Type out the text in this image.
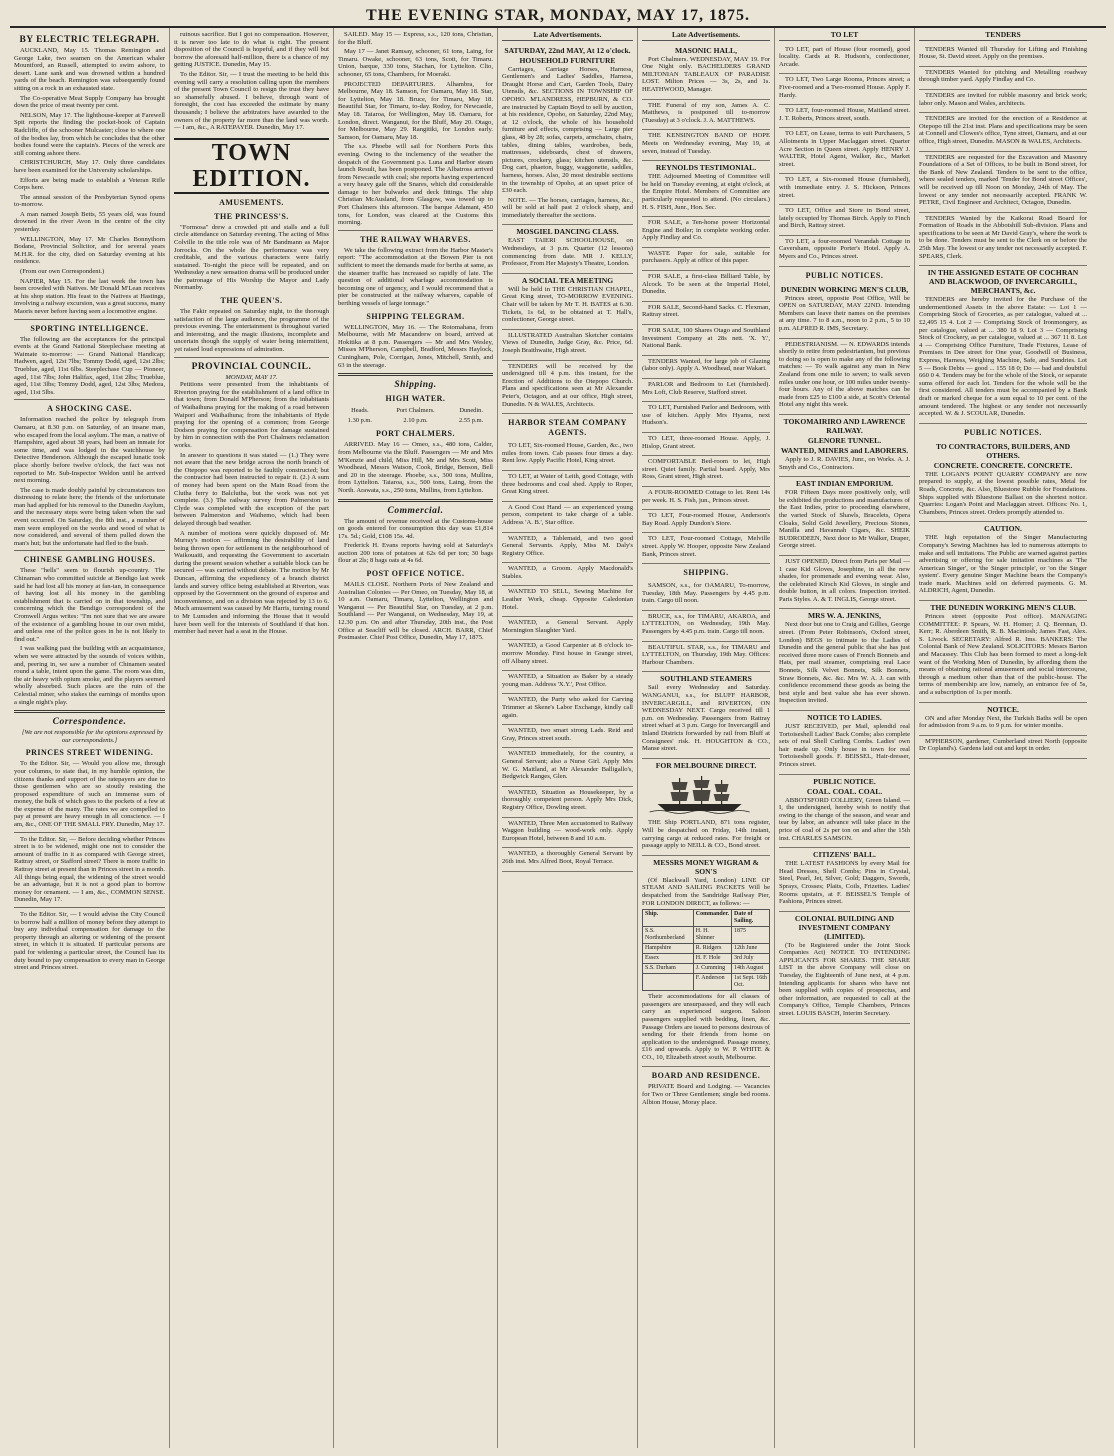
THE EVENING STAR, MONDAY, MAY 17, 1875.
BY ELECTRIC TELEGRAPH.

AUCKLAND, May 15. Thomas Remington and George Lake, two seamen on the American whaler Mountford, an Russell, attempted to swim ashore, to desert. Lane sank and was drowned within a hundred yards of the beach. Remington was subsequently found sitting on a rock in an exhausted state.

The Co-operative Meat Supply Company has brought down the price of meat twenty per cent.

NELSON, May 17. The lighthouse-keeper at Farewell Spit reports the finding the pocket-book of Captain Radcliffe, of the schooner Mulcaster; close to where one of the bodies lay, from which he concludes that the other bodies found were the captain's. Pieces of the wreck are still coming ashore there.

CHRISTCHURCH, May 17. Only three candidates have been examined for the University scholarships.

Efforts are being made to establish a Veteran Rifle Corps here.

The annual session of the Presbyterian Synod opens to-morrow.

A man named Joseph Betts, 55 years old, was found drowned in the river Avon in the centre of the city yesterday.

WELLINGTON, May 17. Mr Charles Bonnythorn Bodane, Provincial Solicitor, and for several years M.H.R. for the city, died on Saturday evening at his residence.

(From our own Correspondent.)

NAPIER, May 15. For the last week the town has been crowded with Natives. Mr Donald M'Lean receives at his shop station. His feast to the Natives at Hastings, involving a railway excursion, was a great success, many Maoris never before having seen a locomotive engine.

SPORTING INTELLIGENCE.

The following are the acceptances for the principal events at the Grand National Steeplechase meeting at Waimate to-morrow: — Grand National Handicap; Hadwen, aged, 12st 7lbs; Tommy Dodd, aged, 12st 2lbs; Trueblue, aged, 11st 6lbs. Steeplechase Cup — Pioneer, aged, 11st 7lbs; John Halifax, aged, 11st 2lbs; Trueblue, aged, 11st 3lbs; Tommy Dodd, aged, 12st 3lbs; Medora, aged, 11st 5lbs.

A SHOCKING CASE.

Information reached the police by telegraph from Oamaru, at 8.30 p.m. on Saturday, of an insane man, who escaped from the local asylum. The man, a native of Hampshire, aged about 38 years, had been an inmate for some time, and was lodged in the watchhouse by Detective Henderson. Although the escaped lunatic took place shortly before twelve o'clock, the fact was not reported to Mr. Sub-Inspector Weldon until he arrived next morning.

The case is made doubly painful by circumstances too distressing to relate here; the friends of the unfortunate man had applied for his removal to the Dunedin Asylum, and the necessary steps were being taken when the sad event occurred. On Saturday, the 8th inst., a number of men were employed on the works and wood of what is now considered, and several of them pulled down the man's hut; but the unfortunate had fled to the bush.

CHINESE GAMBLING HOUSES.

These "hells" seem to flourish up-country. The Chinaman who committed suicide at Bendigo last week said he had lost all his money at fan-tan, in consequence of having lost all his money in the gambling establishment that is carried on in that township, and concerning which the Bendigo correspondent of the Cromwell Argus writes: "I'm not sure that we are aware of the existence of a gambling house in our own midst, and unless one of the police goes in he is not likely to find out."

I was walking past the building with an acquaintance, when we were attracted by the sounds of voices within, and, peering in, we saw a number of Chinamen seated round a table, intent upon the game. The room was dim, the air heavy with opium smoke, and the players seemed wholly absorbed. Such places are the ruin of the Celestial miner, who stakes the earnings of months upon a single night's play.

Correspondence.

[We are not responsible for the opinions expressed by our correspondents.]

PRINCES STREET WIDENING.

To the Editor. Sir, — Would you allow me, through your columns, to state that, in my humble opinion, the citizens thanks and support of the ratepayers are due to those gentlemen who are so stoutly resisting the proposed expenditure of such an immense sum of money, the bulk of which goes to the pockets of a few at the expense of the many. The rates we are compelled to pay at present are heavy enough in all conscience. — I am, &c., ONE OF THE SMALL FRY. Dunedin, May 17.

To the Editor. Sir, — Before deciding whether Princes street is to be widened, might one not to consider the amount of traffic in it as compared with George street, Rattray street, or Stafford street? There is more traffic in Rattray street at present than in Princes street in a month. All things being equal, the widening of the street would be an advantage, but it is not a good plan to borrow money for ornament. — I am, &c., COMMON SENSE. Dunedin, May 17.

To the Editor. Sir, — I would advise the City Council to borrow half a million of money before they attempt to buy any individual compensation for damage to the property through an altering or widening of the present street, in which it is situated. If particular persons are paid for widening a particular street, the Council has its duty bound to pay compensation to every man in George street and Princes street.

ruinous sacrifice. But I got no compensation. However, it is never too late to do what is right. The present disposition of the Council is hopeful, and if they will but borrow the aforesaid half-million, there is a chance of my getting JUSTICE. Dunedin, May 15.

To the Editor. Sir, — I trust the meeting to be held this evening will carry a resolution calling upon the members of the present Town Council to resign the trust they have so shamefully abused. I believe, through want of foresight, the cost has exceeded the estimate by many thousands; I believe the arbitrators have awarded to the owners of the property far more than the land was worth. — I am, &c., A RATEPAYER. Dunedin, May 17.

TOWN EDITION.
AMUSEMENTS.
THE PRINCESS'S.

"Formosa" drew a crowded pit and stalls and a full circle attendance on Saturday evening. The acting of Miss Colville in the title role was of Mr Bandmann as Major Jorrocks. On the whole the performance was very creditable, and the various characters were fairly sustained. To-night the piece will be repeated, and on Wednesday a new sensation drama will be produced under the patronage of His Worship the Mayor and Lady Normanby.

THE QUEEN'S.

The Fakir repeated on Saturday night, to the thorough satisfaction of the large audience, the programme of the previous evening. The entertainment is throughout varied and interesting, and the magic illusions, incomplete and uncertain though the supply of water being intermittent, yet raised loud expressions of admiration.

PROVINCIAL COUNCIL.
MONDAY, MAY 17.

Petitions were presented from the inhabitants of Riverton praying for the establishment of a land office in that town; from Donald M'Pherson; from the inhabitants of Waihaihuna praying for the making of a road between Waipori and Waihaihuna; from the inhabitants of Hyde praying for the opening of a common; from George Dodson praying for compensation for damage sustained by him in connection with the Port Chalmers reclamation works.

In answer to questions it was stated — (1.) They were not aware that the new bridge across the north branch of the Otepopo was reported to be faultily constructed; but the contractor had been instructed to repair it. (2.) A sum of money had been spent on the Main Road from the Clutha ferry to Balclutha, but the work was not yet complete. (3.) The railway survey from Palmerston to Clyde was completed with the exception of the part between Palmerston and Waihemo, which had been delayed through bad weather.

A number of motions were quickly disposed of. Mr Murray's motion — affirming the desirability of land being thrown open for settlement in the neighbourhood of Waikouaiti, and requesting the Government to ascertain during the present session whether a suitable block can be secured — was carried without debate. The motion by Mr Duncan, affirming the expediency of a branch district lands and survey office being established at Riverton, was opposed by the Government on the ground of expense and inconvenience, and on a division was rejected by 13 to 6. Much amusement was caused by Mr Harris, turning round to Mr Lumsden and informing the House that it would have been well for the interests of Southland if that hon. member had never had a seat in the House.

SAILED. May 15 — Express, s.s., 120 tons, Christian, for the Bluff.

May 17 — Janet Ramsay, schooner, 61 tons, Laing, for Timaru. Owake, schooner, 63 tons, Scott, for Timaru. Union, barque, 330 tons, Stachan, for Lyttelton. Clio, schooner, 65 tons, Chambers, for Moeraki.

PROJECTED DEPARTURES. Alhambra, for Melbourne, May 18. Samson, for Oamaru, May 18. Star, for Lyttelton, May 18. Bruce, for Timaru, May 18. Beautiful Star, for Timaru, to-day. Rodoy, for Newcastle, May 18. Taiaroa, for Wellington, May 18. Oamaru, for London, direct. Wanganui, for the Bluff, May 20. Otago, for Melbourne, May 29. Rangitiki, for London early. Samson, for Oamaru, May 18.

The s.s. Phoebe will sail for Northern Ports this evening. Owing to the inclemency of the weather the despatch of the Government p.s. Luna and Harbor steam launch Result, has been postponed. The Albatross arrived from Newcastle with coal; she reports having experienced a very heavy gale off the Snares, which did considerable damage to her bulwarks and deck fittings. The ship Christian McAusland, from Glasgow, was towed up to Port Chalmers this afternoon. The barque Adamant, 450 tons, for London, was cleared at the Customs this morning.

THE RAILWAY WHARVES.

We take the following extract from the Harbor Master's report: "The accommodation at the Bowen Pier is not sufficient to meet the demands made for berths at same, as the steamer traffic has increased so rapidly of late. The question of additional wharfage accommodation is becoming one of urgency, and I would recommend that a pier be constructed at the railway wharves, capable of berthing vessels of large tonnage."

SHIPPING TELEGRAM.

WELLINGTON, May 16. — The Rotomahana, from Melbourne, with Mr Macandrew on board, arrived at Hokitika at 8 p.m. Passengers — Mr and Mrs Wesley, Misses M'Pherson, Campbell, Bradford, Messrs Haylock, Cuningham, Pole, Corrigan, Jones, Mitchell, Smith, and 63 in the steerage.

Shipping.
HIGH WATER.
Heads.	Port Chalmers.	Dunedin.
1.30 p.m.	2.10 p.m.	2.55 p.m.
PORT CHALMERS.

ARRIVED. May 16 — Omeo, s.s., 480 tons, Calder, from Melbourne via the Bluff. Passengers — Mr and Mrs M'Kenzie and child, Miss Hill, Mr and Mrs Scott, Miss Woodhead, Messrs Watson, Cook, Bridge, Benson, Bell and 20 in the steerage. Phoebe, s.s., 300 tons, Mullins, from Lyttelton. Taiaroa, s.s., 500 tons, Laing, from the North. Arawata, s.s., 250 tons, Mullins, from Lyttelton.

Commercial.

The amount of revenue received at the Customs-house on goods entered for consumption this day was £1,814 17s. 5d.; Gold, £108 15s. 4d.

Frederick H. Evans reports having sold at Saturday's auction 200 tons of potatoes at 62s 6d per ton; 30 bags flour at 2ls; 8 bags oats at 4s 6d.

POST OFFICE NOTICE.

MAILS CLOSE. Northern Ports of New Zealand and Australian Colonies — Per Omeo, on Tuesday, May 18, at 10 a.m. Oamaru, Timaru, Lyttelton, Wellington and Wanganui — Per Beautiful Star, on Tuesday, at 2 p.m. Southland — Per Wanganui, on Wednesday, May 19, at 12.30 p.m. On and after Thursday, 20th inst., the Post Office at Seacliff will be closed. ARCH. BARR, Chief Postmaster. Chief Post Office, Dunedin, May 17, 1875.

Late Advertisements.
SATURDAY, 22nd MAY, At 12 o'clock.
HOUSEHOLD FURNITURE

Carriages, Carriage Horses, Harness, Gentlemen's and Ladies' Saddles, Harness, Draught Horse and Cart, Garden Tools, Dairy Utensils, &c. SECTIONS IN TOWNSHIP OF OPOHO. M'LANDRESS, HEPBURN, & CO. are instructed by Captain Boyd to sell by auction, at his residence, Opoho, on Saturday, 22nd May, at 12 o'clock, the whole of his household furniture and effects, comprising — Large pier glass, 48 by 28; sofas, carpets, armchairs, chairs, tables, dining tables, wardrobes, beds, mattresses, sideboards, chest of drawers, pictures, crockery, glass; kitchen utensils, &c. Dog cart, phaeton, buggy, waggonette, saddles, harness, horses. Also, 20 most desirable sections in the township of Opoho, at an upset price of £30 each.

NOTE. — The horses, carriages, harness, &c., will be sold at half past 2 o'clock sharp, and immediately thereafter the sections.

MOSGIEL DANCING CLASS.

EAST TAIERI SCHOOLHOUSE, on Wednesdays, at 3 p.m. Quarter (12 lessons) commencing from date. MR J. KELLY, Professor, From Her Majesty's Theatre, London.

A SOCIAL TEA MEETING

Will be held in THE CHRISTIAN CHAPEL, Great King street, TO-MORROW EVENING. Chair will be taken by Mr T. H. BATES at 6.30. Tickets, 1s 6d, to be obtained at T. Hall's, confectioner, George street.

ILLUSTRATED Australian Sketcher contains Views of Dunedin, Judge Gray, &c. Price, 6d. Joseph Braithwaite, High street.

TENDERS will be received by the undersigned till 4 p.m. this instant, for the Erection of Additions to the Otepopo Church. Plans and specifications seen at Mr Alexander Peter's, Octagon, and at our office, High street, Dunedin. N & WALES, Architects.

HARBOR STEAM COMPANY AGENTS.

TO LET, Six-roomed House, Garden, &c., two miles from town. Cab passes four times a day. Rent low. Apply Pacific Hotel, King street.

TO LET, at Water of Leith, good Cottage, with three bedrooms and coal shed. Apply to Roper, Great King street.

A Good Cost Hand — an experienced young person, competent to take charge of a table. Address 'A. B.', Star office.

WANTED, a Tablemaid, and two good General Servants. Apply, Miss M. Daly's Registry Office.

WANTED, a Groom. Apply Macdonald's Stables.

WANTED TO SELL, Sewing Machine for Leather Work, cheap. Opposite Caledonian Hotel.

WANTED, a General Servant. Apply Mornington Slaughter Yard.

WANTED, a Good Carpenter at 8 o'clock to-morrow Monday. First house in Grange street, off Albany street.

WANTED, a Situation as Baker by a steady young man. Address 'X.Y.', Post Office.

WANTED, the Party who asked for Carving Trimmer at Skene's Labor Exchange, kindly call again.

WANTED, two smart strong Lads. Reid and Gray, Princes street south.

WANTED immediately, for the country, a General Servant; also a Nurse Girl. Apply Mrs W. G. Maitland, at Mr Alexander Balligallo's, Bedgwick Ranges, Glen.

WANTED, Situation as Housekeeper, by a thoroughly competent person. Apply Mrs Dick, Registry Office, Dowling street.

WANTED, Three Men accustomed to Railway Waggon building — wood-work only. Apply European Hotel, between 8 and 10 a.m.

WANTED, a thoroughly General Servant by 26th inst. Mrs Alfred Boot, Royal Terrace.

Late Advertisements.
MASONIC HALL,

Port Chalmers. WEDNESDAY, MAY 19. For One Night only. BACHELDERS GRAND MILTONIAN TABLEAUX OF PARADISE LOST. Milton Prices — 3s, 2s, and 1s. HEATHWOOD, Manager.

THE Funeral of my son, James A. C. Matthews, is postponed till to-morrow (Tuesday) at 3 o'clock. J. A. MATTHEWS.

THE KENSINGTON BAND OF HOPE Meets on Wednesday evening, May 19, at seven, instead of Tuesday.

REYNOLDS TESTIMONIAL.

THE Adjourned Meeting of Committee will be held on Tuesday evening, at eight o'clock, at the Empire Hotel. Members of Committee are particularly requested to attend. (No circulars.) H. S. FISH, Junr., Hon. Sec.

FOR SALE, a Ten-horse power Horizontal Engine and Boiler; in complete working order. Apply Findlay and Co.

WASTE Paper for sale, suitable for purchasers. Apply at office of this paper.

FOR SALE, a first-class Billiard Table, by Alcock. To be seen at the Imperial Hotel, Dunedin.

FOR SALE, Second-hand Sacks. C. Flexman, Rattray street.

FOR SALE, 100 Shares Otago and Southland Investment Company at 28s nett. 'X. Y.', National Bank.

TENDERS Wanted, for large job of Glazing (labor only). Apply A. Woodhead, near Wakari.

PARLOR and Bedroom to Let (furnished). Mrs Loft, Club Reserve, Stafford street.

TO LET, Furnished Parlor and Bedroom, with use of kitchen. Apply Mrs Hyams, next Hudson's.

TO LET, three-roomed House. Apply, J. Hislop, Grant street.

COMFORTABLE Bed-room to let, High street. Quiet family. Partial board. Apply, Mrs Ross, Grant street, High street.

A FOUR-ROOMED Cottage to let. Rent 14s per week. H. S. Fish, jun., Princes street.

TO LET, Four-roomed House, Anderson's Bay Road. Apply Dundon's Store.

TO LET, Four-roomed Cottage, Melville street. Apply W. Hooper, opposite New Zealand Bank, Princes street.

SHIPPING.

SAMSON, s.s., for OAMARU, To-morrow, Tuesday, 18th May. Passengers by 4.45 p.m. train. Cargo till noon.

BRUCE, s.s., for TIMARU, AKAROA, and LYTTELTON, on Wednesday, 19th May. Passengers by 4.45 p.m. train. Cargo till noon.

BEAUTIFUL STAR, s.s., for TIMARU and LYTTELTON, on Thursday, 19th May. Offices: Harbour Chambers.

SOUTHLAND STEAMERS

Sail every Wednesday and Saturday. WANGANUI, s.s., for BLUFF HARBOR, INVERCARGILL, and RIVERTON, ON WEDNESDAY NEXT. Cargo received till 1 p.m. on Wednesday. Passengers from Rattray street wharf at 3 p.m. Cargo for Invercargill and Inland Districts forwarded by rail from Bluff at Consignees' risk. H. HOUGHTON & CO., Manse street.

FOR MELBOURNE DIRECT.

THE Ship PORTLAND, 871 tons register, Will be despatched on Friday, 14th instant, carrying cargo at reduced rates. For freight or passage apply to NEILL & CO., Bond street.

MESSRS MONEY WIGRAM & SON'S

(Of Blackwall Yard, London) LINE OF STEAM AND SAILING PACKETS Will be despatched from the Sandridge Railway Pier, FOR LONDON DIRECT, as follows: —

Ship.	Commander.	Date of Sailing.
S.S. Northumberland	H. H. Shinner	1875
Hampshire	R. Ridgers	12th June
Essex	H. F. Hole	3rd July
S.S. Durham	J. Cumming	14th August
	F. Anderson	1st Sept. 16th Oct.

Their accommodations for all classes of passengers are unsurpassed, and they will each carry an experienced surgeon. Saloon passengers supplied with bedding, linen, &c. Passage Orders are issued to persons desirous of sending for their friends from home on application to the undersigned. Passage money, £16 and upwards. Apply to W. P. WHITE & CO., 10, Elizabeth street south, Melbourne.

BOARD AND RESIDENCE.

PRIVATE Board and Lodging. — Vacancies for Two or Three Gentlemen; single bed rooms. Albion House, Moray place.

TO LET

TO LET, part of House (four roomed), good locality. Cards at R. Hudson's, confectioner, Arcade.

TO LET, Two Large Rooms, Princes street; a Five-roomed and a Two-roomed House. Apply F. Hardy.

TO LET, four-roomed House, Maitland street. J. T. Roberts, Princes street, south.

TO LET, on Lease, terms to suit Purchasers, 5 Allotments in Upper Maclaggan street. Quarter Acre Section in Queen street. Apply HENRY J. WALTER, Hotel Agent, Walker, &c., Market street.

TO LET, a Six-roomed House (furnished), with immediate entry. J. S. Hickson, Princes street.

TO LET, Office and Store in Bond street, lately occupied by Thomas Birch. Apply to Finch and Birch, Rattray street.

TO LET, a four-roomed Verandah Cottage in Caversham, opposite Porter's Hotel. Apply A. Myers and Co., Princes street.

PUBLIC NOTICES.
DUNEDIN WORKING MEN'S CLUB,

Princes street, opposite Post Office, Will be OPEN on SATURDAY, MAY 22ND. Intending Members can leave their names on the premises at any time. 7 to 8 a.m., noon to 2 p.m., 5 to 10 p.m. ALFRED R. IMS, Secretary.

PEDESTRIANISM. — N. EDWARDS intends shortly to retire from pedestrianism, but previous to doing so is open to make any of the following matches: — To walk against any man in New Zealand from one mile to seven; to walk seven miles under one hour, or 100 miles under twenty-four hours. Any of the above matches can be made from £25 to £100 a side, at Scott's Oriental Hotel any night this week.

TOKOMAIRIRO AND LAWRENCE RAILWAY.
GLENORE TUNNEL.
WANTED, MINERS and LABORERS.

Apply to J. R. DAVIES, Junr., on Works. A. J. Smyth and Co., Contractors.

EAST INDIAN EMPORIUM.

FOR Fifteen Days more positively only, will be exhibited the productions and manufactures of the East Indies, prior to proceeding elsewhere, the varied Stock of Shawls, Bracelets, Opera Cloaks, Solid Gold Jewellery, Precious Stones, Manilla and Havannah Cigars, &c. SHEIK BUDRODEEN, Next door to Mr Walker, Draper, George street.

JUST OPENED, Direct from Paris per Mail — 1 case Kid Gloves, Josephine, in all the new shades, for promenade and evening wear. Also, the celebrated Kirsch Kid Gloves, in single and double button, in all colors. Inspection invited. Paris Styles. A. & T. INGLIS, George street.

MRS W. A. JENKINS,

Next door but one to Craig and Gillies, George street. (From Peter Robinson's, Oxford street, London) BEGS to intimate to the Ladies of Dunedin and the general public that she has just received three more cases of French Bonnets and Hats, per mail steamer, comprising real Lace Bonnets, Silk Velvet Bonnets, Silk Bonnets, Straw Bonnets, &c. &c. Mrs W. A. J. can with confidence recommend these goods as being the best style and best value she has ever shown. Inspection invited.

NOTICE TO LADIES.

JUST RECEIVED, per Mail, splendid real Tortoiseshell Ladies' Back Combs; also complete sets of real Shell Curling Combs. Ladies' own hair made up. Only house in town for real Tortoiseshell goods. F. BEISSEL, Hair-dresser, Princes street.

PUBLIC NOTICE.
COAL. COAL. COAL.

ABBOTSFORD COLLIERY, Green Island. — I, the undersigned, hereby wish to notify that owing to the change of the season, and wear and tear by labor, an advance will take place in the price of coal of 2s per ton on and after the 15th inst. CHARLES SAMSON.

CITIZENS' BALL.

THE LATEST FASHIONS by every Mail for Head Dresses, Shell Combs; Pins in Crystal, Steel, Pearl, Jet, Silver, Gold; Daggers, Swords, Sprays, Crosses; Plaits, Coils, Frizettes. Ladies' Rooms upstairs, at F. BEISSEL'S Temple of Fashions, Princes street.

COLONIAL BUILDING AND INVESTMENT COMPANY (LIMITED).

(To be Registered under the Joint Stock Companies Act) NOTICE TO INTENDING APPLICANTS FOR SHARES. THE SHARE LIST in the above Company will close on Tuesday, the Eighteenth of June next, at 4 p.m. Intending applicants for shares who have not been supplied with copies of prospectus, and other information, are requested to call at the Company's Office, Temple Chambers, Princes street. LOUIS BASCH, Interim Secretary.

TENDERS

TENDERS Wanted till Thursday for Lifting and Finishing House, St. David street. Apply on the premises.

TENDERS Wanted for pitching and Metalling roadway through timber yard. Apply Findlay and Co.

TENDERS are invited for rubble masonry and brick work; labor only. Mason and Wales, architects.

TENDERS are invited for the erection of a Residence at Otepopo till the 21st inst. Plans and specifications may be seen at Connell and Clowes's office, Tyne street, Oamaru, and at our office, High street, Dunedin. MASON & WALES, Architects.

TENDERS are requested for the Excavation and Masonry Foundations of a Set of Offices, to be built in Bond street, for the Bank of New Zealand. Tenders to be sent to the office, where sealed tenders, marked 'Tender for Bond street Offices', will be received up till Noon on Monday, 24th of May. The lowest or any tender not necessarily accepted. FRANK W. PETRE, Civil Engineer and Architect, Octagon, Dunedin.

TENDERS Wanted by the Kaikorai Road Board for Formation of Roads in the Abbotshill Sub-division. Plans and specifications to be seen at Mr David Gray's, where the work is to be done. Tenders must be sent to the Clerk on or before the 25th May. The lowest or any tender not necessarily accepted. F. SPEARS, Clerk.

IN THE ASSIGNED ESTATE OF COCHRAN AND BLACKWOOD, OF INVERCARGILL, MERCHANTS, &c.

TENDERS are hereby invited for the Purchase of the undermentioned Assets in the above Estate: — Lot 1 — Comprising Stock of Groceries, as per catalogue, valued at ... £2,495 15 4. Lot 2 — Comprising Stock of Ironmongery, as per catalogue, valued at ... 380 18 9. Lot 3 — Comprising Stock of Crockery, as per catalogue, valued at ... 367 11 8. Lot 4 — Comprising Office Furniture, Trade Fixtures, Lease of Premises in Dee street for One year, Goodwill of Business, Express, Harness, Weighing Machine, Safe, and Sundries. Lot 5 — Book Debts — good ... 155 18 0; Do — bad and doubtful 660 0 4. Tenders may be for the whole of the Stock, or separate sums offered for each lot. Tenders for the whole will be the first considered. All tenders must be accompanied by a Bank draft or marked cheque for a sum equal to 10 per cent. of the amount tendered. The highest or any tender not necessarily accepted. W. & J. SCOULAR, Dunedin.

PUBLIC NOTICES.
TO CONTRACTORS, BUILDERS, AND OTHERS.
CONCRETE. CONCRETE. CONCRETE.

THE LOGAN'S POINT QUARRY COMPANY are now prepared to supply, at the lowest possible rates, Metal for Roads, Concrete, &c. Also, Bluestone Rubble for Foundations. Ships supplied with Bluestone Ballast on the shortest notice. Quarries: Logan's Point and Maclaggan street. Offices: No. 1, Chambers, Princes street. Orders promptly attended to.

CAUTION.

THE high reputation of the Singer Manufacturing Company's Sewing Machines has led to numerous attempts to make and sell imitations. The Public are warned against parties advertising or offering for sale imitation machines as 'The American Singer', or 'the Singer principle', or 'on the Singer system'. Every genuine Singer Machine bears the Company's trade mark. Machines sold on deferred payments. G. M. ALDRICH, Agent, Dunedin.

THE DUNEDIN WORKING MEN'S CLUB.

Princes street (opposite Post office). MANAGING COMMITTEE: P. Spears, W. H. Homer; J. Q. Brennan, D. Kerr; R. Aberdeen Smith, R. B. Macintosh; James Fast, Alex. S. Livock. SECRETARY: Alfred R. Ims. BANKERS: The Colonial Bank of New Zealand. SOLICITORS: Messrs Barton and Macassey. This Club has been formed to meet a long-felt want of the Working Men of Dunedin, by affording them the means of obtaining rational amusement and social intercourse, through a medium other than that of the public-house. The terms of membership are low, namely, an entrance fee of 5s, and a subscription of 1s per month.

NOTICE.

ON and after Monday Next, the Turkish Baths will be open for admission from 9 a.m. to 9 p.m. for winter months.

M'PHERSON, gardener, Cumberland street North (opposite Dr Copland's). Gardens laid out and kept in order.
